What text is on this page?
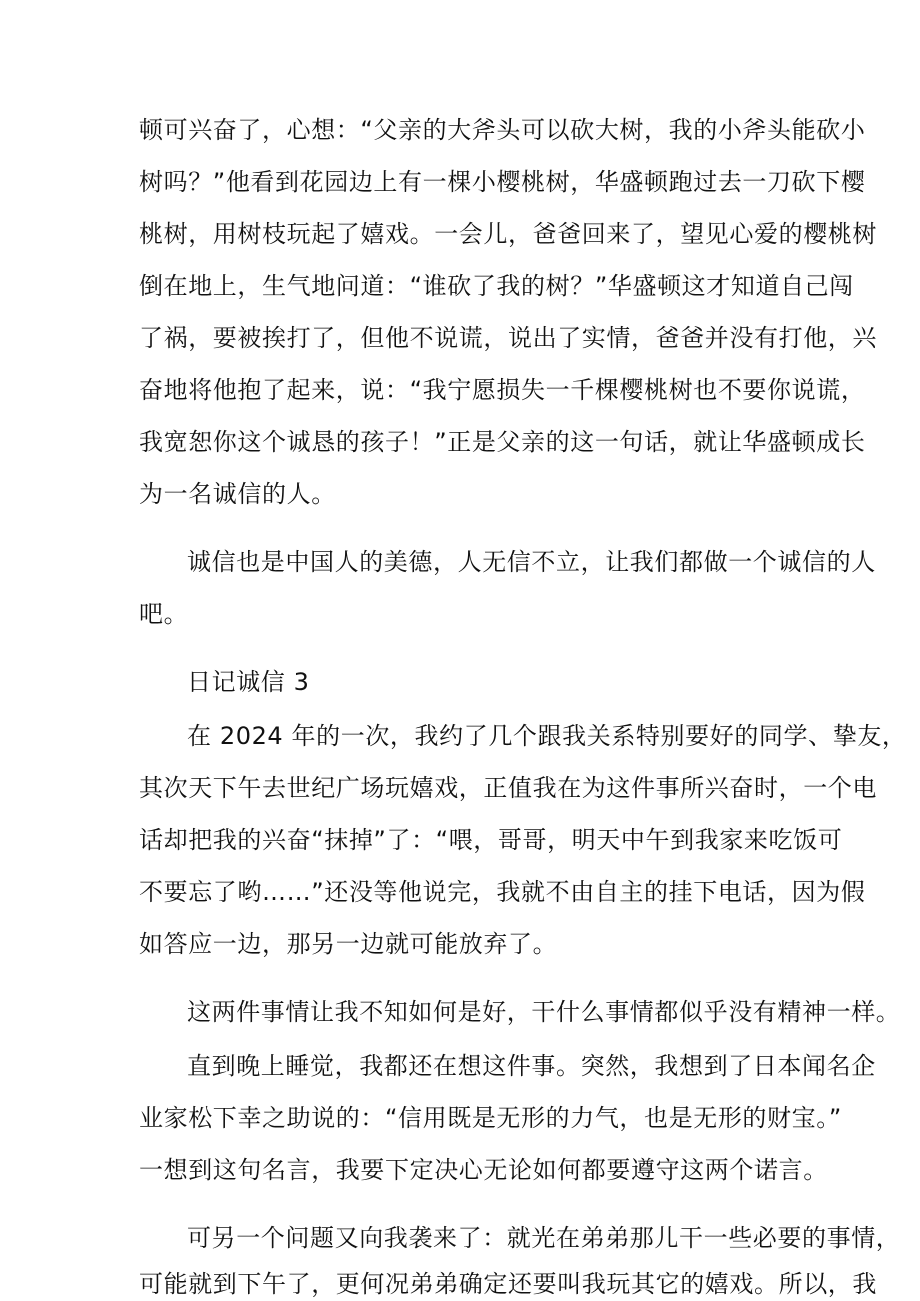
顿可兴奋了，心想：“父亲的大斧头可以砍大树，我的小斧头能砍小

树吗？”他看到花园边上有一棵小樱桃树，华盛顿跑过去一刀砍下樱

桃树，用树枝玩起了嬉戏。一会儿，爸爸回来了，望见心爱的樱桃树

倒在地上，生气地问道：“谁砍了我的树？”华盛顿这才知道自己闯

了祸，要被挨打了，但他不说谎，说出了实情，爸爸并没有打他，兴

奋地将他抱了起来，说：“我宁愿损失一千棵樱桃树也不要你说谎，

我宽恕你这个诚恳的孩子！”正是父亲的这一句话，就让华盛顿成长

为一名诚信的人。

诚信也是中国人的美德，人无信不立，让我们都做一个诚信的人

吧。

日记诚信 3

在 2024 年的一次，我约了几个跟我关系特别要好的同学、挚友，

其次天下午去世纪广场玩嬉戏，正值我在为这件事所兴奋时，一个电

话却把我的兴奋“抹掉”了：“喂，哥哥，明天中午到我家来吃饭可

不要忘了哟……”还没等他说完，我就不由自主的挂下电话，因为假

如答应一边，那另一边就可能放弃了。

这两件事情让我不知如何是好，干什么事情都似乎没有精神一样。

直到晚上睡觉，我都还在想这件事。突然，我想到了日本闻名企

业家松下幸之助说的：“信用既是无形的力气，也是无形的财宝。”

一想到这句名言，我要下定决心无论如何都要遵守这两个诺言。

可另一个问题又向我袭来了：就光在弟弟那儿干一些必要的事情，

可能就到下午了，更何况弟弟确定还要叫我玩其它的嬉戏。所以，我
